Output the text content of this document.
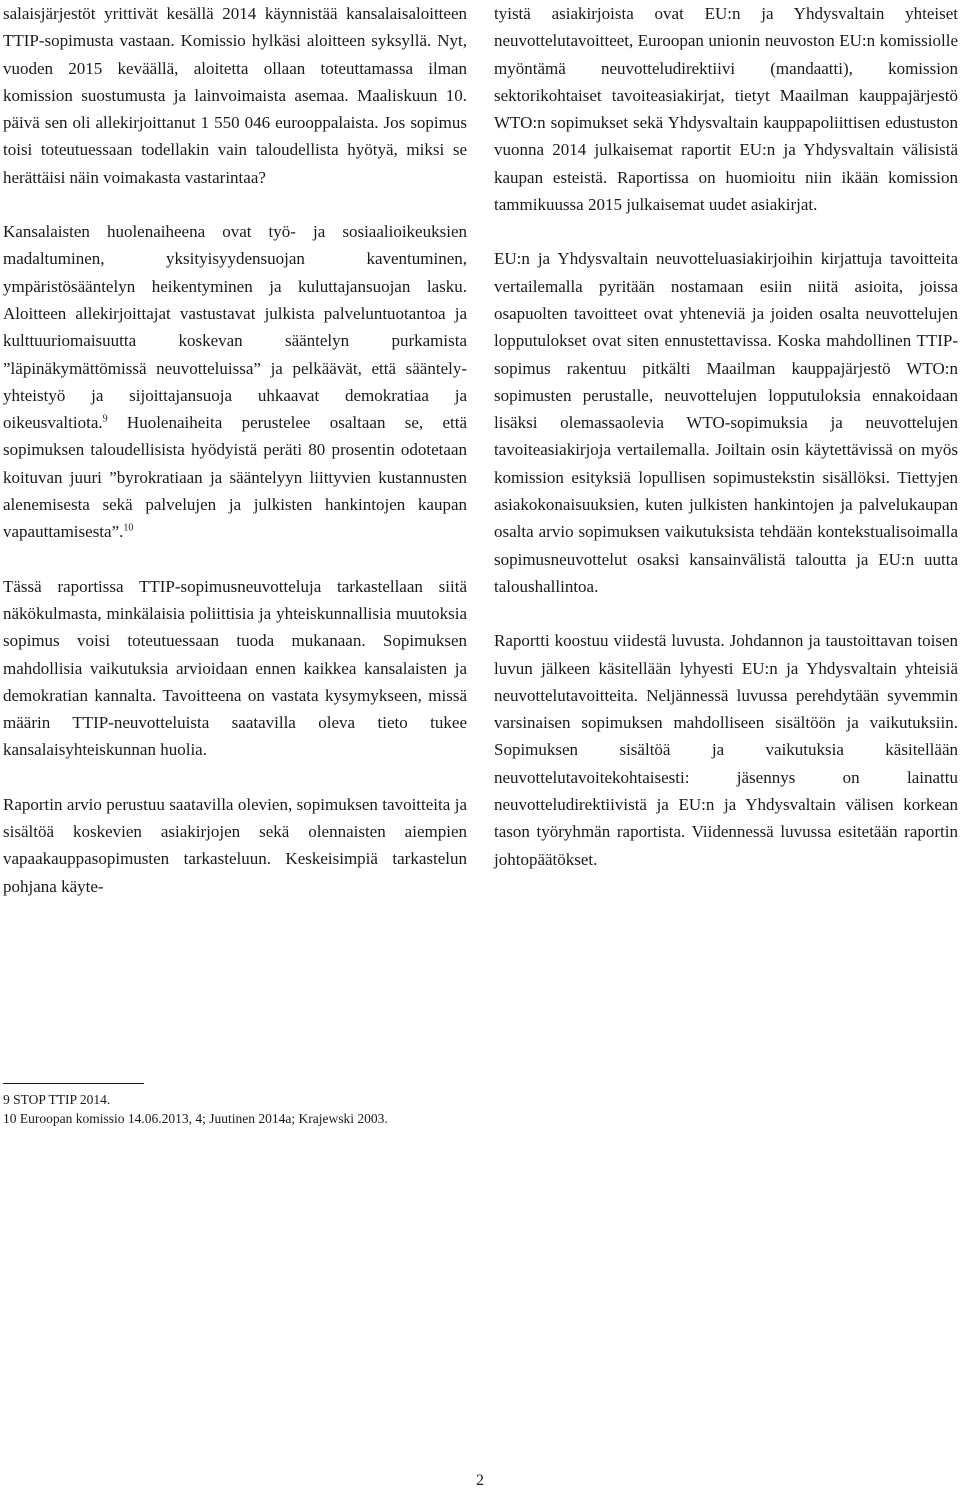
salaisjärjestöt yrittivät kesällä 2014 käynnistää kansalaisaloitteen TTIP-sopimusta vastaan. Komissio hylkäsi aloitteen syksyllä. Nyt, vuoden 2015 keväällä, aloitetta ollaan toteuttamassa ilman komission suostumusta ja lainvoimaista asemaa. Maaliskuun 10. päivä sen oli allekirjoittanut 1 550 046 eurooppalaista. Jos sopimus toisi toteutuessaan todellakin vain taloudellista hyötyä, miksi se herättäisi näin voimakasta vastarintaa?

Kansalaisten huolenaiheena ovat työ- ja sosiaalioikeuksien madaltuminen, yksityisyydensuojan kaventuminen, ympäristösääntelyn heikentyminen ja kuluttajansuojan lasku. Aloitteen allekirjoittajat vastustavat julkista palveluntuotantoa ja kulttuuriomaisuutta koskevan sääntelyn purkamista ”läpinäkymättömissä neuvotteluissa” ja pelkäävät, että sääntely-yhteistyö ja sijoittajansuoja uhkaavat demokratiaa ja oikeusvaltiota.$^9$ Huolenaiheita perustelee osaltaan se, että sopimuksen taloudellisista hyödyistä peräti 80 prosentin odotetaan koituvan juuri ”byrokratiaan ja sääntelyyn liittyvien kustannusten alenemisesta sekä palvelujen ja julkisten hankintojen kaupan vapauttamisesta”.$^{10}$

Tässä raportissa TTIP-sopimusneuvotteluja tarkastellaan siitä näkökulmasta, minkälaisia poliittisia ja yhteiskunnallisia muutoksia sopimus voisi toteutuessaan tuoda mukanaan. Sopimuksen mahdollisia vaikutuksia arvioidaan ennen kaikkea kansalaisten ja demokratian kannalta. Tavoitteena on vastata kysymykseen, missä määrin TTIP-neuvotteluista saatavilla oleva tieto tukee kansalaisyhteiskunnan huolia.

Raportin arvio perustuu saatavilla olevien, sopimuksen tavoitteita ja sisältöä koskevien asiakirjojen sekä olennaisten aiempien vapaakauppasopimusten tarkasteluun. Keskeisimpiä tarkastelun pohjana käyte-

tyistä asiakirjoista ovat EU:n ja Yhdysvaltain yhteiset neuvottelutavoitteet, Euroopan unionin neuvoston EU:n komissiolle myöntämä neuvotteludirektiivi (mandaatti), komission sektorikohtaiset tavoiteasiakirjat, tietyt Maailman kauppajärjestö WTO:n sopimukset sekä Yhdysvaltain kauppapoliittisen edustuston vuonna 2014 julkaisemat raportit EU:n ja Yhdysvaltain välisistä kaupan esteistä. Raportissa on huomioitu niin ikään komission tammikuussa 2015 julkaisemat uudet asiakirjat.

EU:n ja Yhdysvaltain neuvotteluasiakirjoihin kirjattuja tavoitteita vertailemalla pyritään nostamaan esiin niitä asioita, joissa osapuolten tavoitteet ovat yhteneviä ja joiden osalta neuvottelujen lopputulokset ovat siten ennustettavissa. Koska mahdollinen TTIP-sopimus rakentuu pitkälti Maailman kauppajärjestö WTO:n sopimusten perustalle, neuvottelujen lopputuloksia ennakoidaan lisäksi olemassaolevia WTO-sopimuksia ja neuvottelujen tavoiteasiakirjoja vertailemalla. Joiltain osin käytettävissä on myös komission esityksiä lopullisen sopimustekstin sisällöksi. Tiettyjen asiakokonaisuuksien, kuten julkisten hankintojen ja palvelukaupan osalta arvio sopimuksen vaikutuksista tehdään kontekstualisoimalla sopimusneuvottelut osaksi kansainvälistä taloutta ja EU:n uutta taloushallintoa.

Raportti koostuu viidestä luvusta. Johdannon ja taustoittavan toisen luvun jälkeen käsitellään lyhyesti EU:n ja Yhdysvaltain yhteisiä neuvottelutavoitteita. Neljännessä luvussa perehdytään syvemmin varsinaisen sopimuksen mahdolliseen sisältöön ja vaikutuksiin. Sopimuksen sisältöä ja vaikutuksia käsitellään neuvottelutavoitekohtaisesti: jäsennys on lainattu neuvotteludirektiivistä ja EU:n ja Yhdysvaltain välisen korkean tason työryhmän raportista. Viidennessä luvussa esitetään raportin johtopäätökset.

9 STOP TTIP 2014.
10 Euroopan komissio 14.06.2013, 4; Juutinen 2014a; Krajewski 2003.
2
